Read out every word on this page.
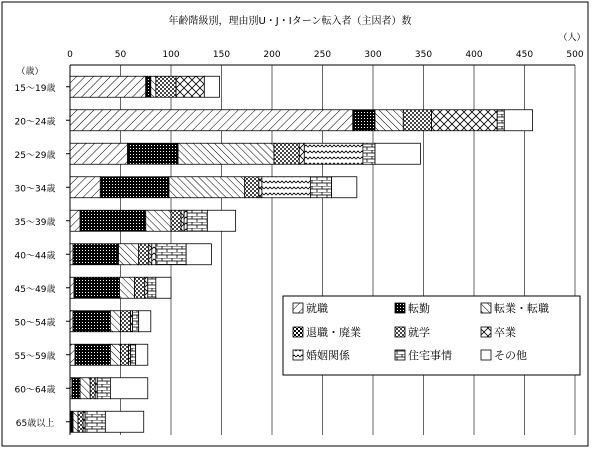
年齢階級別，理由別U・J・Iターン転入者（主因者）数
（人）
（歳）
0	50	100	150	200	250	300	350	400	450	500
15～19歳
20～24歳
25～29歳
30～34歳
35～39歳
40～44歳
45～49歳
50～54歳
55～59歳
60～64歳
65歳以上
就職	転勤	転業・転職
退職・廃業	就学	卒業
婚姻関係	住宅事情	その他
